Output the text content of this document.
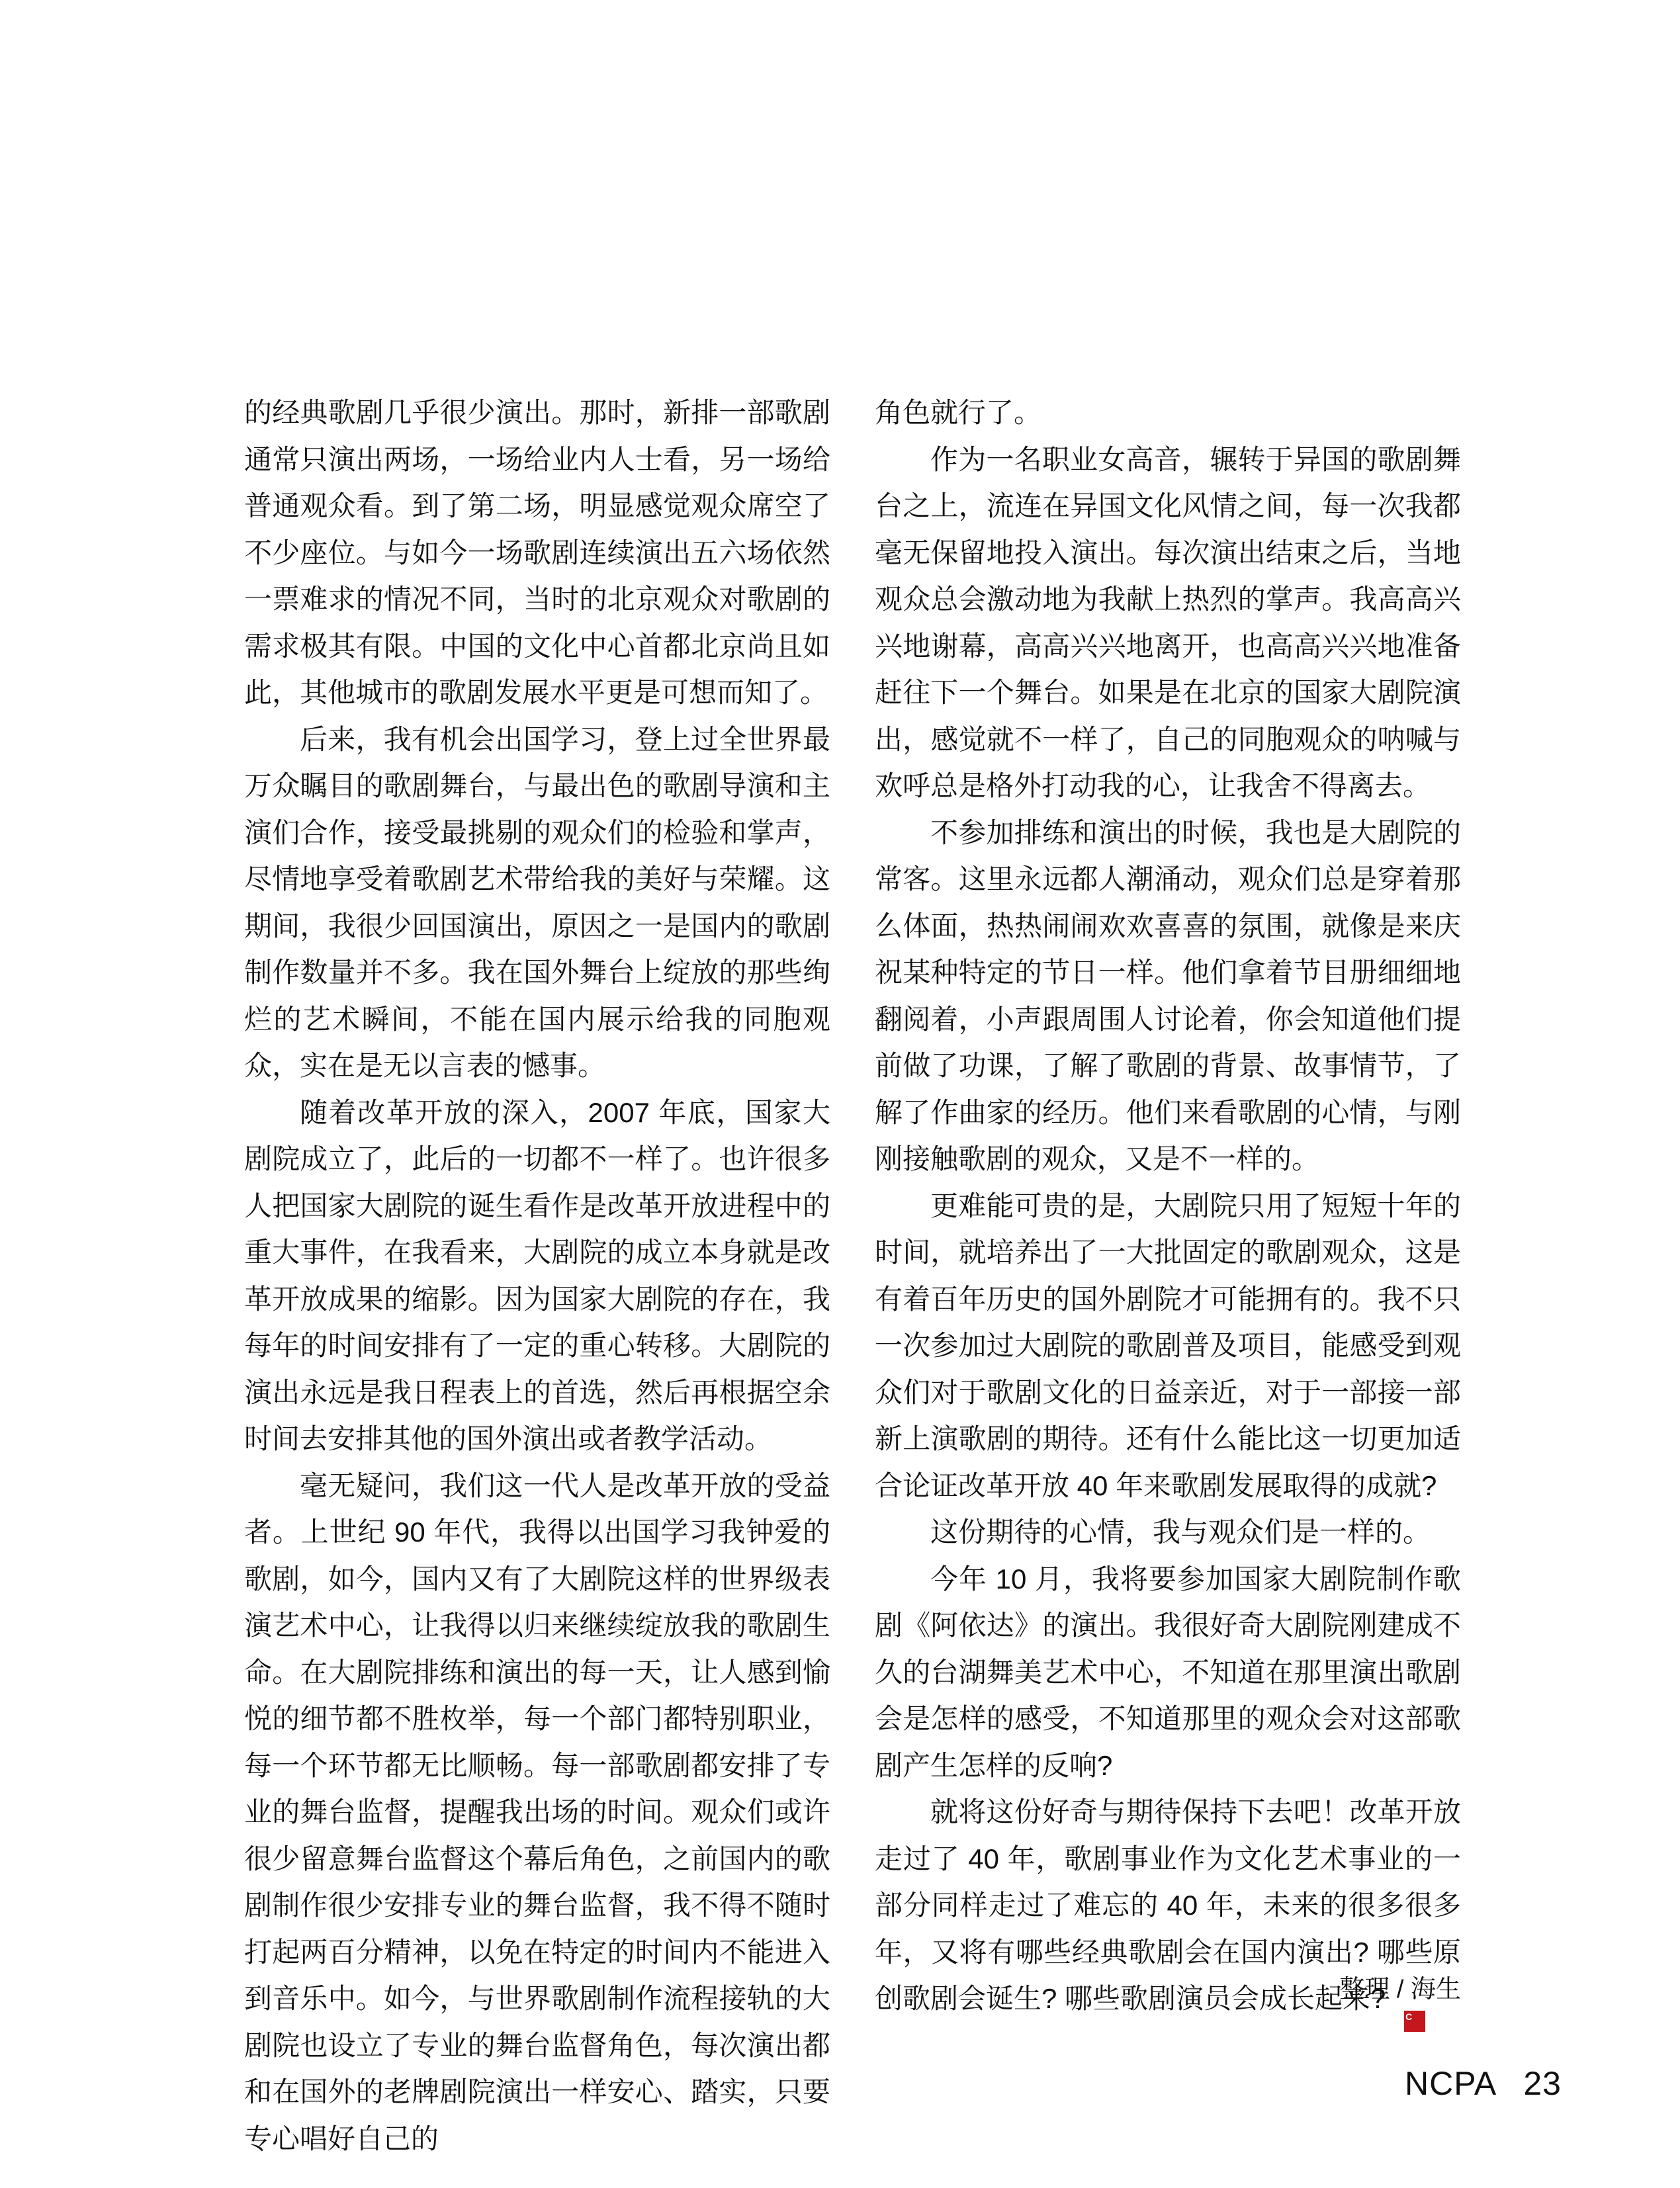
的经典歌剧几乎很少演出。那时，新排一部歌剧通常只演出两场，一场给业内人士看，另一场给普通观众看。到了第二场，明显感觉观众席空了不少座位。与如今一场歌剧连续演出五六场依然一票难求的情况不同，当时的北京观众对歌剧的需求极其有限。中国的文化中心首都北京尚且如此，其他城市的歌剧发展水平更是可想而知了。

后来，我有机会出国学习，登上过全世界最万众瞩目的歌剧舞台，与最出色的歌剧导演和主演们合作，接受最挑剔的观众们的检验和掌声，尽情地享受着歌剧艺术带给我的美好与荣耀。这期间，我很少回国演出，原因之一是国内的歌剧制作数量并不多。我在国外舞台上绽放的那些绚烂的艺术瞬间，不能在国内展示给我的同胞观众，实在是无以言表的憾事。

随着改革开放的深入，2007 年底，国家大剧院成立了，此后的一切都不一样了。也许很多人把国家大剧院的诞生看作是改革开放进程中的重大事件，在我看来，大剧院的成立本身就是改革开放成果的缩影。因为国家大剧院的存在，我每年的时间安排有了一定的重心转移。大剧院的演出永远是我日程表上的首选，然后再根据空余时间去安排其他的国外演出或者教学活动。

毫无疑问，我们这一代人是改革开放的受益者。上世纪 90 年代，我得以出国学习我钟爱的歌剧，如今，国内又有了大剧院这样的世界级表演艺术中心，让我得以归来继续绽放我的歌剧生命。在大剧院排练和演出的每一天，让人感到愉悦的细节都不胜枚举，每一个部门都特别职业，每一个环节都无比顺畅。每一部歌剧都安排了专业的舞台监督，提醒我出场的时间。观众们或许很少留意舞台监督这个幕后角色，之前国内的歌剧制作很少安排专业的舞台监督，我不得不随时打起两百分精神，以免在特定的时间内不能进入到音乐中。如今，与世界歌剧制作流程接轨的大剧院也设立了专业的舞台监督角色，每次演出都和在国外的老牌剧院演出一样安心、踏实，只要专心唱好自己的

角色就行了。

作为一名职业女高音，辗转于异国的歌剧舞台之上，流连在异国文化风情之间，每一次我都毫无保留地投入演出。每次演出结束之后，当地观众总会激动地为我献上热烈的掌声。我高高兴兴地谢幕，高高兴兴地离开，也高高兴兴地准备赶往下一个舞台。如果是在北京的国家大剧院演出，感觉就不一样了，自己的同胞观众的呐喊与欢呼总是格外打动我的心，让我舍不得离去。

不参加排练和演出的时候，我也是大剧院的常客。这里永远都人潮涌动，观众们总是穿着那么体面，热热闹闹欢欢喜喜的氛围，就像是来庆祝某种特定的节日一样。他们拿着节目册细细地翻阅着，小声跟周围人讨论着，你会知道他们提前做了功课，了解了歌剧的背景、故事情节，了解了作曲家的经历。他们来看歌剧的心情，与刚刚接触歌剧的观众，又是不一样的。

更难能可贵的是，大剧院只用了短短十年的时间，就培养出了一大批固定的歌剧观众，这是有着百年历史的国外剧院才可能拥有的。我不只一次参加过大剧院的歌剧普及项目，能感受到观众们对于歌剧文化的日益亲近，对于一部接一部新上演歌剧的期待。还有什么能比这一切更加适合论证改革开放 40 年来歌剧发展取得的成就?

这份期待的心情，我与观众们是一样的。

今年 10 月，我将要参加国家大剧院制作歌剧《阿依达》的演出。我很好奇大剧院刚建成不久的台湖舞美艺术中心，不知道在那里演出歌剧会是怎样的感受，不知道那里的观众会对这部歌剧产生怎样的反响?

就将这份好奇与期待保持下去吧！改革开放走过了 40 年，歌剧事业作为文化艺术事业的一部分同样走过了难忘的 40 年，未来的很多很多年，又将有哪些经典歌剧会在国内演出? 哪些原创歌剧会诞生? 哪些歌剧演员会成长起来?	NC
PA

整理 / 海生
NCPA 23
